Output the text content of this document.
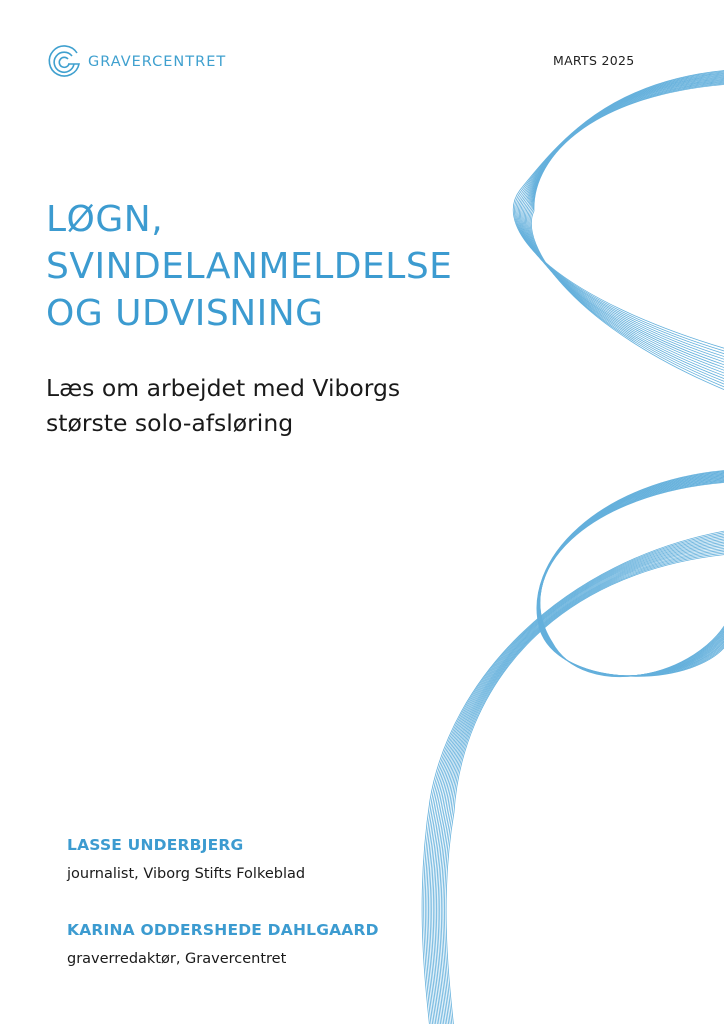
GRAVERCENTRET	MARTS 2025
LØGN,
SVINDELANMELDELSE
OG UDVISNING
Læs om arbejdet med Viborgs
største solo-afsløring
LASSE UNDERBJERG
journalist, Viborg Stifts Folkeblad
KARINA ODDERSHEDE DAHLGAARD
graverredaktør, Gravercentret
